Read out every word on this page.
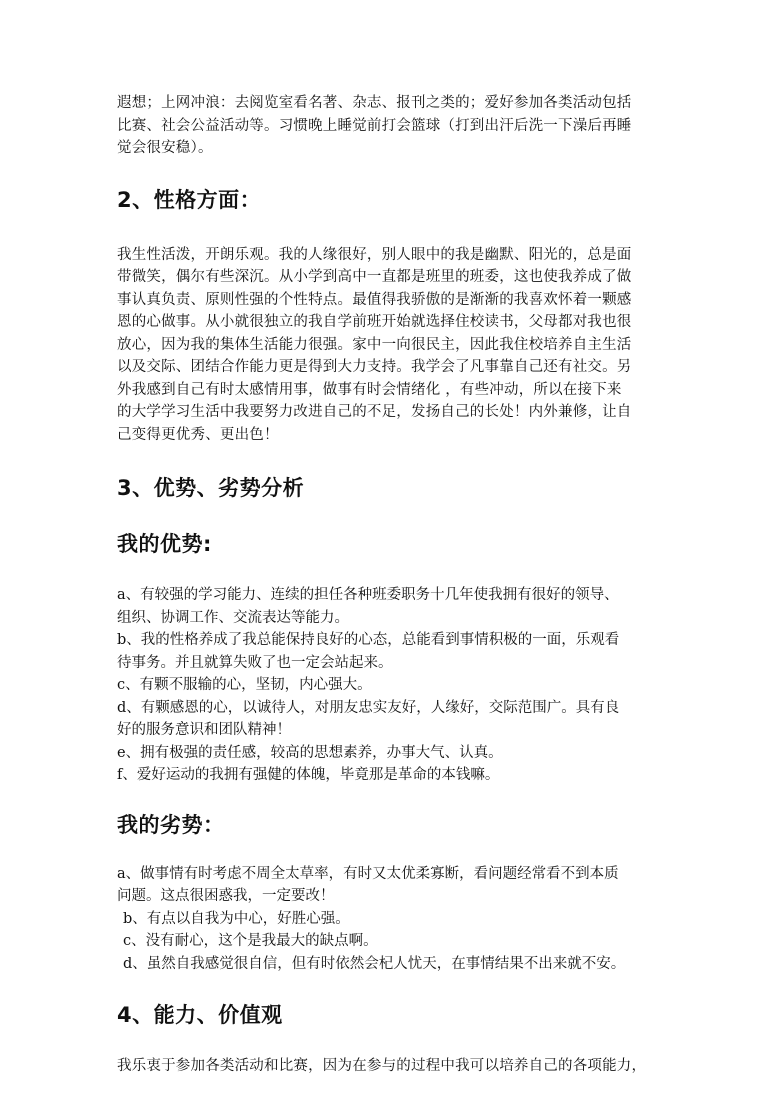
遐想；上网冲浪：去阅览室看名著、杂志、报刊之类的；爱好参加各类活动包括
比赛、社会公益活动等。习惯晚上睡觉前打会篮球（打到出汗后洗一下澡后再睡
觉会很安稳）。

2、性格方面：

我生性活泼，开朗乐观。我的人缘很好，别人眼中的我是幽默、阳光的，总是面
带微笑，偶尔有些深沉。从小学到高中一直都是班里的班委，这也使我养成了做
事认真负责、原则性强的个性特点。最值得我骄傲的是渐渐的我喜欢怀着一颗感
恩的心做事。从小就很独立的我自学前班开始就选择住校读书，父母都对我也很
放心，因为我的集体生活能力很强。家中一向很民主，因此我住校培养自主生活
以及交际、团结合作能力更是得到大力支持。我学会了凡事靠自己还有社交。另
外我感到自己有时太感情用事，做事有时会情绪化 ，有些冲动，所以在接下来
的大学学习生活中我要努力改进自己的不足，发扬自己的长处！内外兼修，让自
己变得更优秀、更出色！

3、优势、劣势分析
我的优势:

a、有较强的学习能力、连续的担任各种班委职务十几年使我拥有很好的领导、
组织、协调工作、交流表达等能力。

b、我的性格养成了我总能保持良好的心态，总能看到事情积极的一面，乐观看
待事务。并且就算失败了也一定会站起来。

c、有颗不服输的心，坚韧，内心强大。

d、有颗感恩的心，以诚待人，对朋友忠实友好，人缘好，交际范围广。具有良
好的服务意识和团队精神！

e、拥有极强的责任感，较高的思想素养，办事大气、认真。

f、爱好运动的我拥有强健的体魄，毕竟那是革命的本钱嘛。

我的劣势：

a、做事情有时考虑不周全太草率，有时又太优柔寡断，看问题经常看不到本质
问题。这点很困惑我，一定要改！

b、有点以自我为中心，好胜心强。

c、没有耐心，这个是我最大的缺点啊。

d、虽然自我感觉很自信，但有时依然会杞人忧天，在事情结果不出来就不安。

4、能力、价值观

我乐衷于参加各类活动和比赛，因为在参与的过程中我可以培养自己的各项能力，
